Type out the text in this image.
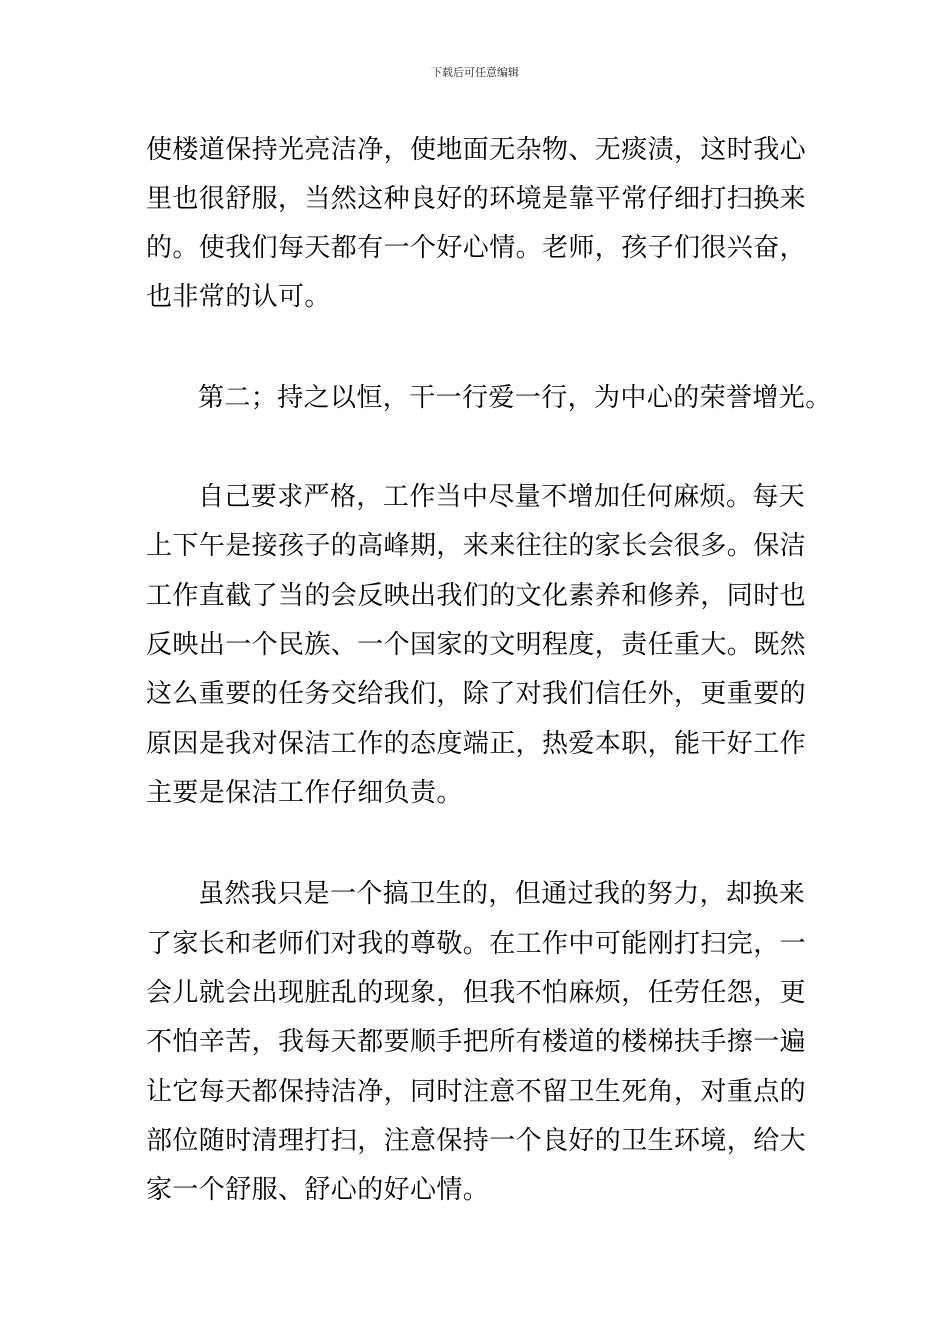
下载后可任意编辑
使楼道保持光亮洁净，使地面无杂物、无痰渍，这时我心
里也很舒服，当然这种良好的环境是靠平常仔细打扫换来
的。使我们每天都有一个好心情。老师，孩子们很兴奋，
也非常的认可。
第二；持之以恒，干一行爱一行，为中心的荣誉增光。
自己要求严格，工作当中尽量不增加任何麻烦。每天
上下午是接孩子的高峰期，来来往往的家长会很多。保洁
工作直截了当的会反映出我们的文化素养和修养，同时也
反映出一个民族、一个国家的文明程度，责任重大。既然
这么重要的任务交给我们，除了对我们信任外，更重要的
原因是我对保洁工作的态度端正，热爱本职，能干好工作
主要是保洁工作仔细负责。
虽然我只是一个搞卫生的，但通过我的努力，却换来
了家长和老师们对我的尊敬。在工作中可能刚打扫完，一
会儿就会出现脏乱的现象，但我不怕麻烦，任劳任怨，更
不怕辛苦，我每天都要顺手把所有楼道的楼梯扶手擦一遍
让它每天都保持洁净，同时注意不留卫生死角，对重点的
部位随时清理打扫，注意保持一个良好的卫生环境，给大
家一个舒服、舒心的好心情。
